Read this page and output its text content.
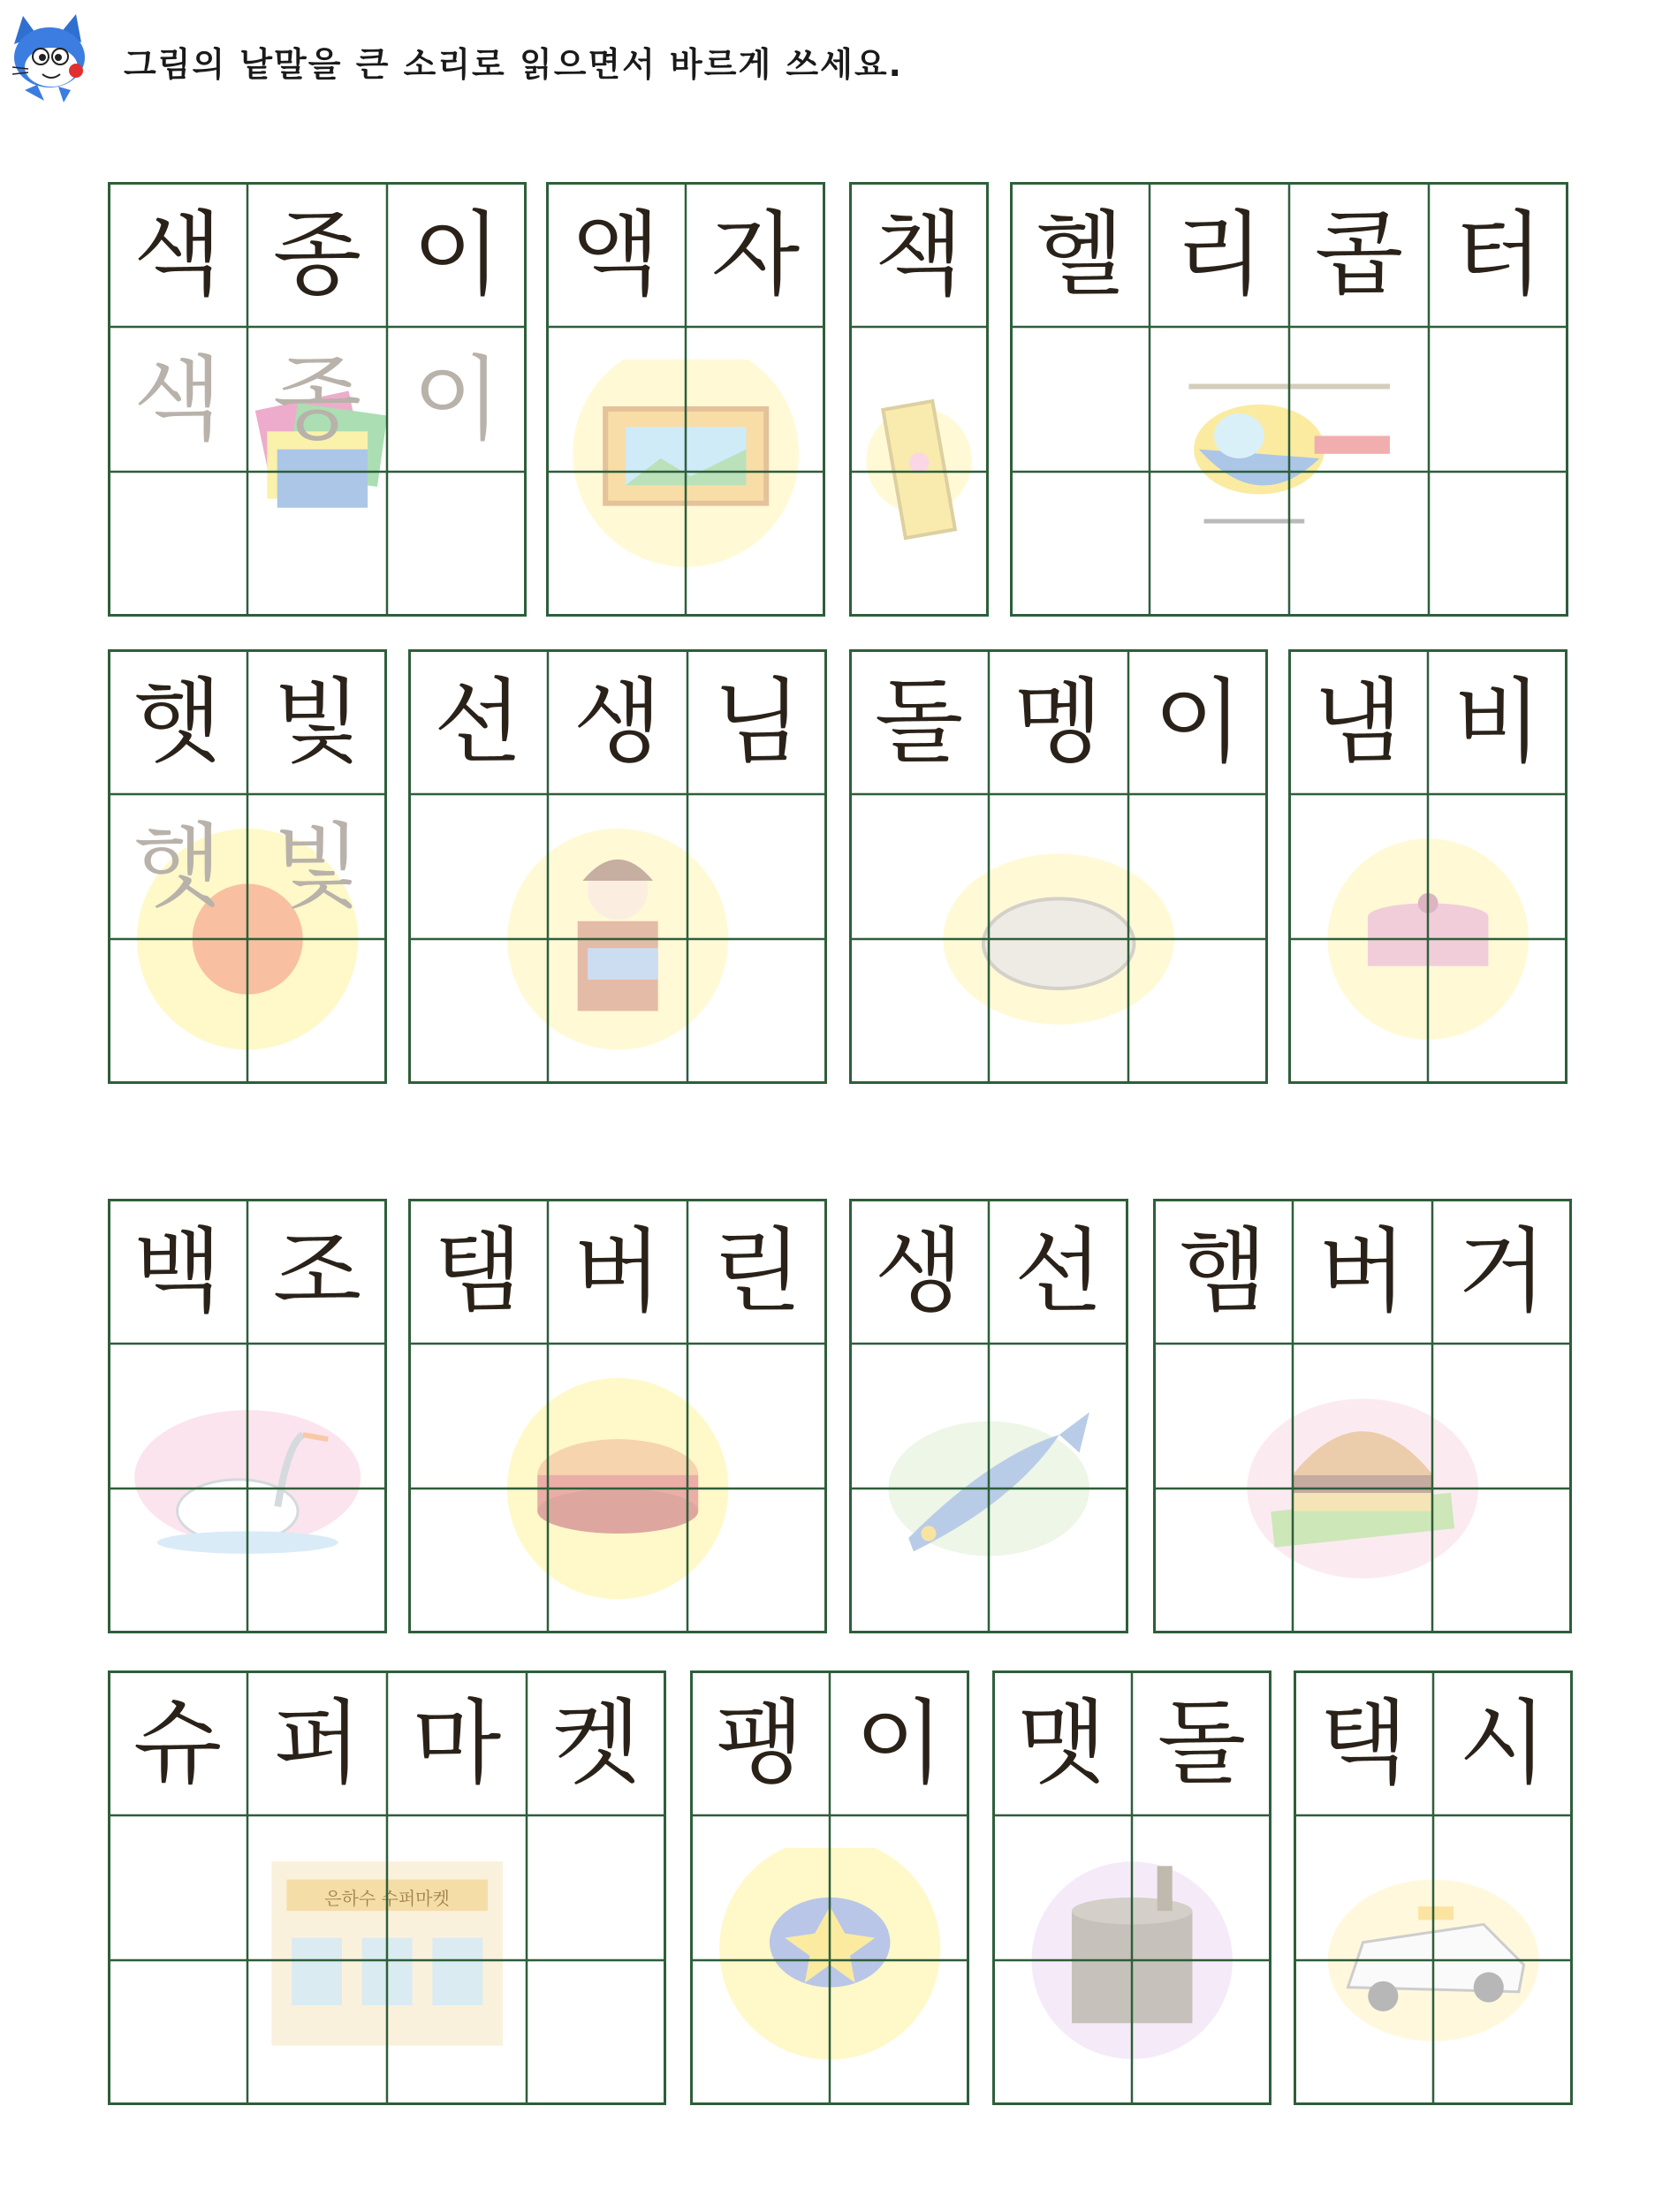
그림의 낱말을 큰 소리로 읽으면서 바르게 쓰세요.
색 종 이
색 종 이
액 자 책 헬 리 콥 터
햇 빛
햇 빛
선 생 님 돌 멩 이 냄 비
백 조 탬 버 린 생 선 햄 버 거
은하수 수퍼마켓
슈 퍼 마 켓 팽 이 맷 돌 택 시
